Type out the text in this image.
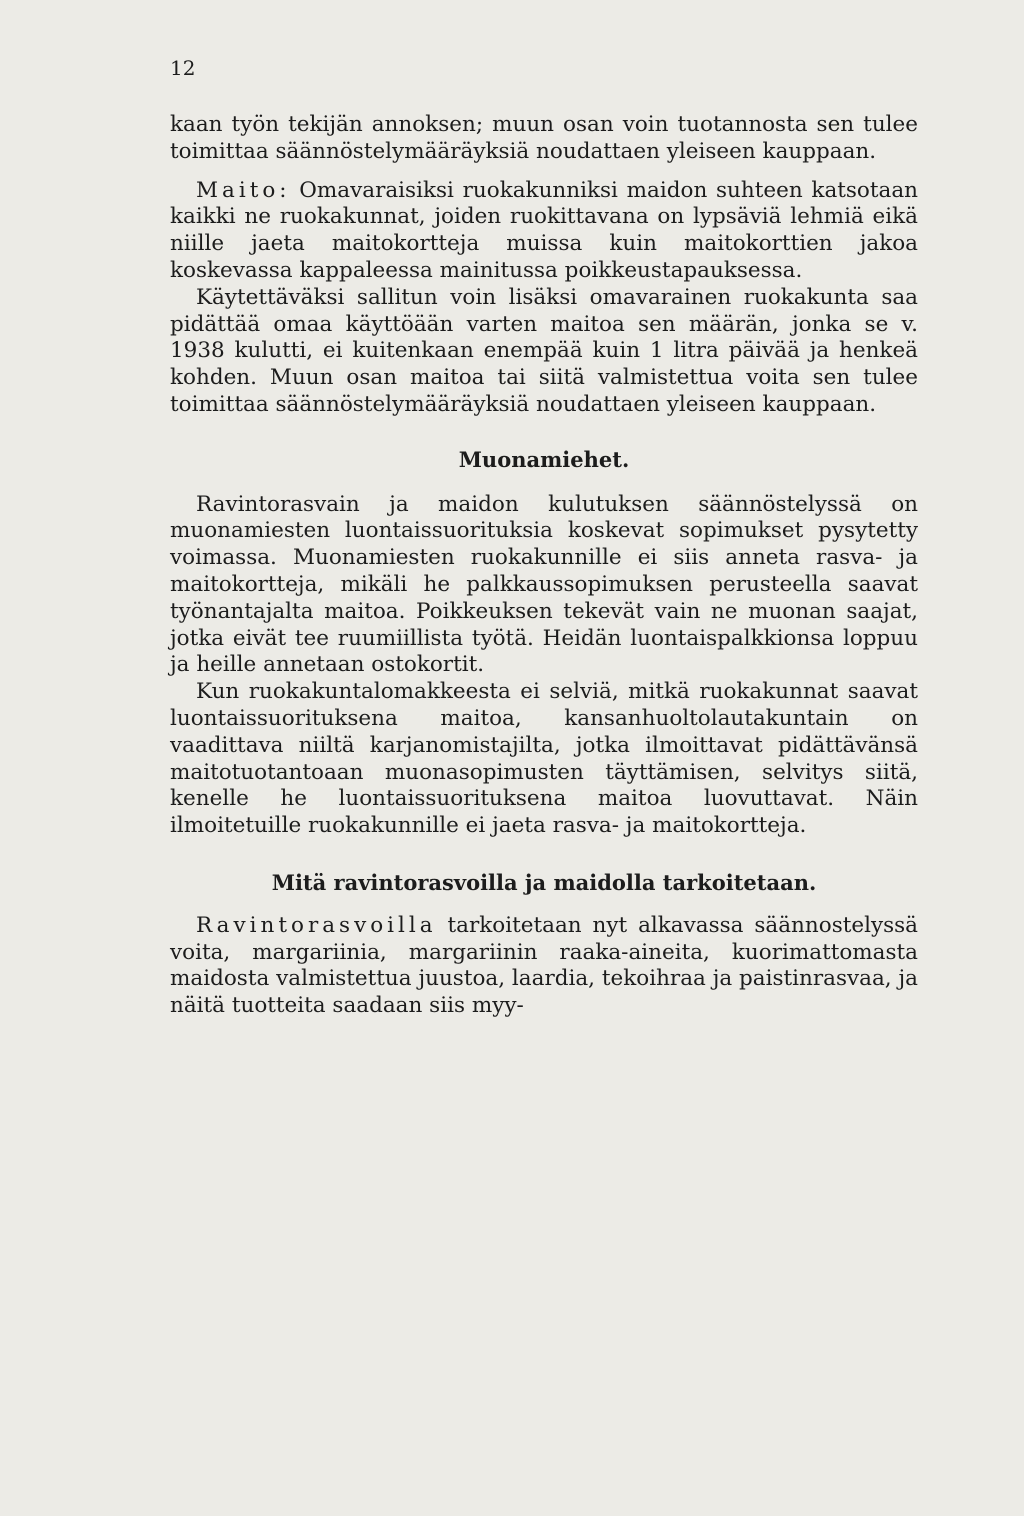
12

kaan työn tekijän annoksen; muun osan voin tuotannosta sen tulee toimittaa säännöstelymääräyksiä noudattaen yleiseen kauppaan.

Maito: Omavaraisiksi ruokakunniksi maidon suhteen katsotaan kaikki ne ruokakunnat, joiden ruokittavana on lypsäviä lehmiä eikä niille jaeta maitokortteja muissa kuin maitokorttien jakoa koskevassa kappaleessa mainitussa poikkeustapauksessa.

Käytettäväksi sallitun voin lisäksi omavarainen ruokakunta saa pidättää omaa käyttöään varten maitoa sen määrän, jonka se v. 1938 kulutti, ei kuitenkaan enempää kuin 1 litra päivää ja henkeä kohden. Muun osan maitoa tai siitä valmistettua voita sen tulee toimittaa säännöstelymääräyksiä noudattaen yleiseen kauppaan.

Muonamiehet.

Ravintorasvain ja maidon kulutuksen säännöstelyssä on muonamiesten luontaissuorituksia koskevat sopimukset pysytetty voimassa. Muonamiesten ruokakunnille ei siis anneta rasva- ja maitokortteja, mikäli he palkkaussopimuksen perusteella saavat työnantajalta maitoa. Poikkeuksen tekevät vain ne muonan saajat, jotka eivät tee ruumiillista työtä. Heidän luontaispalkkionsa loppuu ja heille annetaan ostokortit.

Kun ruokakuntalomakkeesta ei selviä, mitkä ruokakunnat saavat luontaissuorituksena maitoa, kansanhuoltolautakuntain on vaadittava niiltä karjanomistajilta, jotka ilmoittavat pidättävänsä maitotuotantoaan muonasopimusten täyttämisen, selvitys siitä, kenelle he luontaissuorituksena maitoa luovuttavat. Näin ilmoitetuille ruokakunnille ei jaeta rasva- ja maitokortteja.

Mitä ravintorasvoilla ja maidolla tarkoitetaan.

Ravintorasvoilla tarkoitetaan nyt alkavassa säännostelyssä voita, margariinia, margariinin raaka-aineita, kuorimattomasta maidosta valmistettua juustoa, laardia, tekoihraa ja paistinrasvaa, ja näitä tuotteita saadaan siis myy-
